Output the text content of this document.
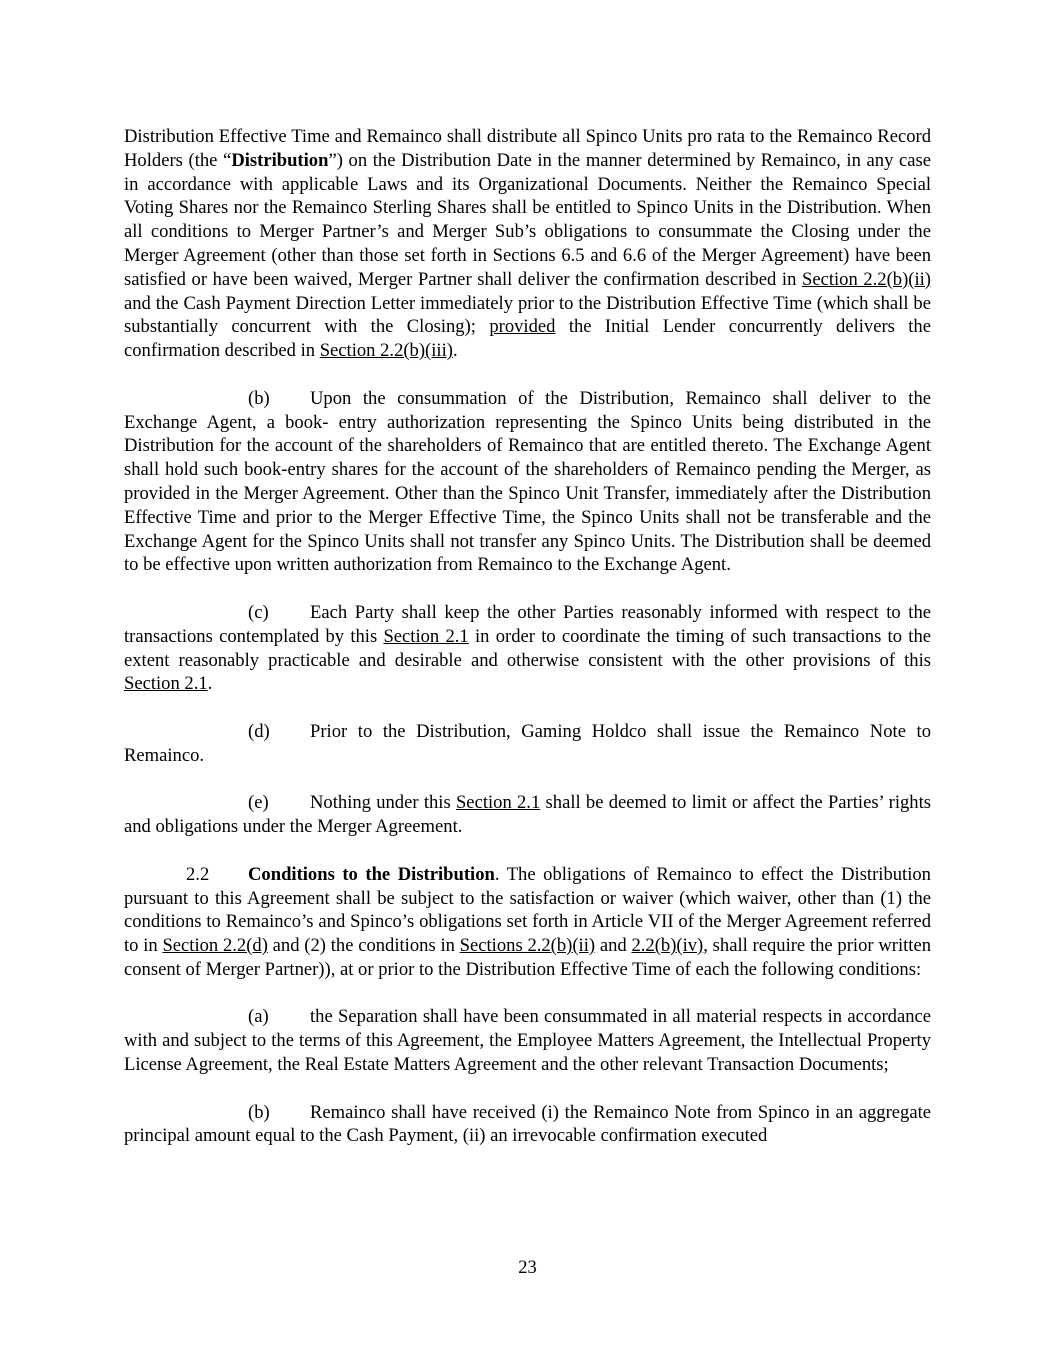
Distribution Effective Time and Remainco shall distribute all Spinco Units pro rata to the Remainco Record Holders (the “Distribution”) on the Distribution Date in the manner determined by Remainco, in any case in accordance with applicable Laws and its Organizational Documents. Neither the Remainco Special Voting Shares nor the Remainco Sterling Shares shall be entitled to Spinco Units in the Distribution. When all conditions to Merger Partner’s and Merger Sub’s obligations to consummate the Closing under the Merger Agreement (other than those set forth in Sections 6.5 and 6.6 of the Merger Agreement) have been satisfied or have been waived, Merger Partner shall deliver the confirmation described in Section 2.2(b)(ii) and the Cash Payment Direction Letter immediately prior to the Distribution Effective Time (which shall be substantially concurrent with the Closing); provided the Initial Lender concurrently delivers the confirmation described in Section 2.2(b)(iii).

(b) Upon the consummation of the Distribution, Remainco shall deliver to the Exchange Agent, a book- entry authorization representing the Spinco Units being distributed in the Distribution for the account of the shareholders of Remainco that are entitled thereto. The Exchange Agent shall hold such book-entry shares for the account of the shareholders of Remainco pending the Merger, as provided in the Merger Agreement. Other than the Spinco Unit Transfer, immediately after the Distribution Effective Time and prior to the Merger Effective Time, the Spinco Units shall not be transferable and the Exchange Agent for the Spinco Units shall not transfer any Spinco Units. The Distribution shall be deemed to be effective upon written authorization from Remainco to the Exchange Agent.

(c) Each Party shall keep the other Parties reasonably informed with respect to the transactions contemplated by this Section 2.1 in order to coordinate the timing of such transactions to the extent reasonably practicable and desirable and otherwise consistent with the other provisions of this Section 2.1.

(d) Prior to the Distribution, Gaming Holdco shall issue the Remainco Note to Remainco.

(e) Nothing under this Section 2.1 shall be deemed to limit or affect the Parties’ rights and obligations under the Merger Agreement.

2.2 Conditions to the Distribution. The obligations of Remainco to effect the Distribution pursuant to this Agreement shall be subject to the satisfaction or waiver (which waiver, other than (1) the conditions to Remainco’s and Spinco’s obligations set forth in Article VII of the Merger Agreement referred to in Section 2.2(d) and (2) the conditions in Sections 2.2(b)(ii) and 2.2(b)(iv), shall require the prior written consent of Merger Partner)), at or prior to the Distribution Effective Time of each the following conditions:

(a) the Separation shall have been consummated in all material respects in accordance with and subject to the terms of this Agreement, the Employee Matters Agreement, the Intellectual Property License Agreement, the Real Estate Matters Agreement and the other relevant Transaction Documents;

(b) Remainco shall have received (i) the Remainco Note from Spinco in an aggregate principal amount equal to the Cash Payment, (ii) an irrevocable confirmation executed

23
